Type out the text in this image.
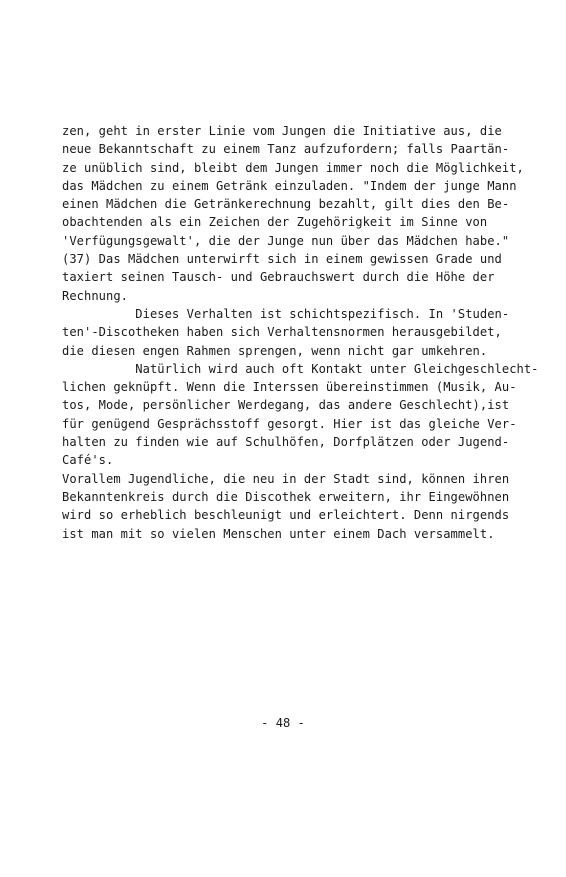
zen, geht in erster Linie vom Jungen die Initiative aus, die
neue Bekanntschaft zu einem Tanz aufzufordern; falls Paartän-
ze unüblich sind, bleibt dem Jungen immer noch die Möglichkeit,
das Mädchen zu einem Getränk einzuladen. "Indem der junge Mann
einen Mädchen die Getränkerechnung bezahlt, gilt dies den Be-
obachtenden als ein Zeichen der Zugehörigkeit im Sinne von
'Verfügungsgewalt', die der Junge nun über das Mädchen habe."
(37) Das Mädchen unterwirft sich in einem gewissen Grade und
taxiert seinen Tausch- und Gebrauchswert durch die Höhe der
Rechnung.
Dieses Verhalten ist schichtspezifisch. In 'Studen-
ten'-Discotheken haben sich Verhaltensnormen herausgebildet,
die diesen engen Rahmen sprengen, wenn nicht gar umkehren.
Natürlich wird auch oft Kontakt unter Gleichgeschlecht-
lichen geknüpft. Wenn die Interssen übereinstimmen (Musik, Au-
tos, Mode, persönlicher Werdegang, das andere Geschlecht),ist
für genügend Gesprächsstoff gesorgt. Hier ist das gleiche Ver-
halten zu finden wie auf Schulhöfen, Dorfplätzen oder Jugend-
Café's.
Vorallem Jugendliche, die neu in der Stadt sind, können ihren
Bekanntenkreis durch die Discothek erweitern, ihr Eingewöhnen
wird so erheblich beschleunigt und erleichtert. Denn nirgends
ist man mit so vielen Menschen unter einem Dach versammelt.
- 48 -
